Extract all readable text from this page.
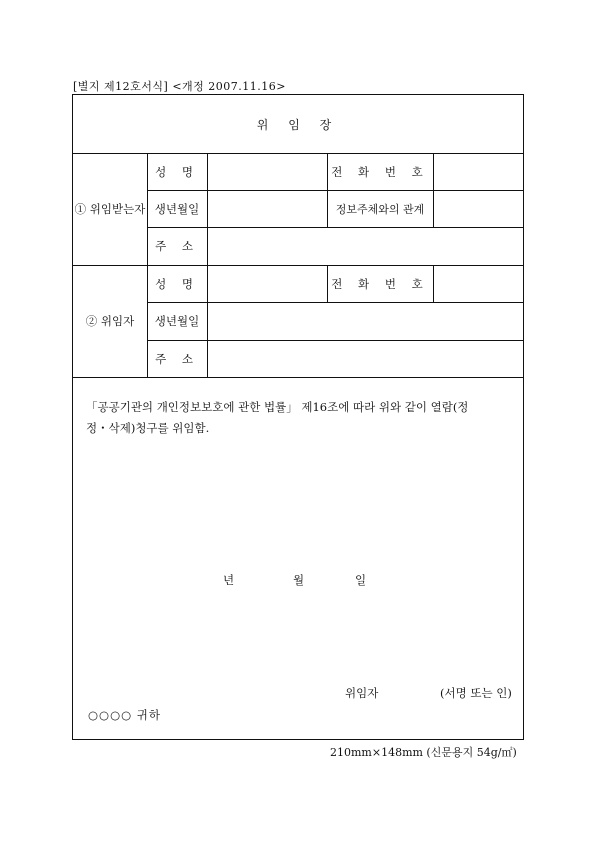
[별지 제12호서식] <개정 2007.11.16>
위 임 장
① 위임받는자
성 명	전 화 번 호
생년월일	정보주체와의 관계
주 소
② 위임자
성 명	전 화 번 호
생년월일
주 소

「공공기관의 개인정보보호에 관한 법률」 제16조에 따라 위와 같이 열람(정

정・삭제)청구를 위임함.

년	월	일
위임자	(서명 또는 인)
○○○○ 귀하
210mm×148mm (신문용지 54g/㎡)
